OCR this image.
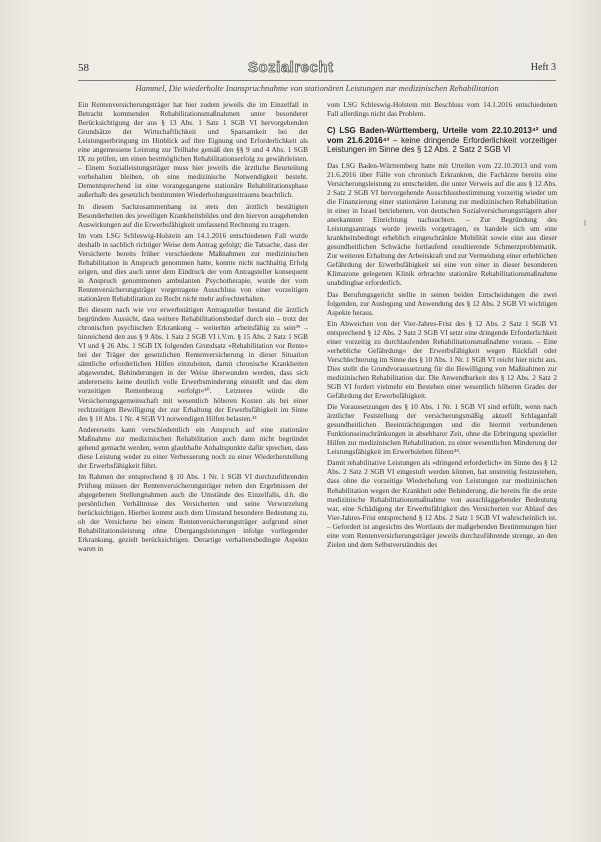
58	Sozialrecht	Heft 3
Hammel, Die wiederholte Inanspruchnahme von stationären Leistungen zur medizinischen Rehabilitation

Ein Rentenversicherungsträger hat hier zudem jeweils die im Einzelfall in Betracht kommenden Rehabilitationsmaßnahmen unter besonderer Berücksichtigung der aus § 13 Abs. 1 Satz 1 SGB VI hervorgehenden Grundsätze der Wirtschaftlichkeit und Sparsamkeit bei der Leistungserbringung im Hinblick auf ihre Eignung und Erforderlichkeit als eine angemessene Leistung zur Teilhabe gemäß den §§ 9 und 4 Abs. 1 SGB IX zu prüfen, um einen bestmöglichen Rehabilitationserfolg zu gewährleisten. – Einem Sozialleistungsträger muss hier jeweils die ärztliche Beurteilung vorbehalten bleiben, ob eine medizinische Notwendigkeit besteht. Dementsprechend ist eine vorangegangene stationäre Rehabilitationsphase außerhalb des gesetzlich bestimmten Wiederholungszeitraums beachtlich.

In diesem Sachzusammenhang ist stets den ärztlich bestätigten Besonderheiten des jeweiligen Krankheitsbildes und den hiervon ausgehenden Auswirkungen auf die Erwerbsfähigkeit umfassend Rechnung zu tragen.

Im vom LSG Schleswig-Holstein am 14.1.2016 entschiedenen Fall wurde deshalb in sachlich richtiger Weise dem Antrag gefolgt; die Tatsache, dass der Versicherte bereits früher verschiedene Maßnahmen zur medizinischen Rehabilitation in Anspruch genommen hatte, konnte nicht nachhaltig Erfolg zeigen, und dies auch unter dem Eindruck der vom Antragsteller konsequent in Anspruch genommenen ambulanten Psychotherapie, wurde der vom Rentenversicherungsträger vorgetragene Ausschluss von einer vorzeitigen stationären Rehabilitation zu Recht nicht mehr aufrechterhalten.

Bei diesem nach wie vor erwerbstätigen Antragsteller bestand die ärztlich begründete Aussicht, dass weitere Rehabilitationsbedarf durch ein – trotz der chronischen psychischen Erkrankung – weiterhin arbeitsfähig zu sein³⁹ – hinreichend den aus § 9 Abs. 1 Satz 2 SGB VI i.V.m. § 15 Abs. 2 Satz 1 SGB VI und § 26 Abs. 1 SGB IX folgenden Grundsatz »Rehabilitation vor Rente« bei der Träger der gesetzlichen Rentenversicherung in dieser Situation sämtliche erforderlichen Hilfen einzuleiten, damit chronische Krankheiten abgewendet, Behinderungen in der Weise überwunden werden, dass sich andererseits keine deutlich volle Erwerbsminderung einstellt und das dem vorzeitigen Rentenbezug »erfolgt«⁴⁰. Letzteres würde die Versicherungsgemeinschaft mit wesentlich höheren Kosten als bei einer rechtzeitigen Bewilligung der zur Erhaltung der Erwerbsfähigkeit im Sinne des § 10 Abs. 1 Nr. 4 SGB VI notwendigen Hilfen belasten.⁴¹

Andererseits kann verschiedentlich ein Anspruch auf eine stationäre Maßnahme zur medizinischen Rehabilitation auch dann nicht begründet gehend gemacht werden, wenn glaubhafte Anhaltspunkte dafür sprechen, dass diese Leistung weder zu einer Verbesserung noch zu einer Wiederherstellung der Erwerbsfähigkeit führt.

Im Rahmen der entsprechend § 10 Abs. 1 Nr. 1 SGB VI durchzuführenden Prüfung müssen der Rentenversicherungsträger neben den Ergebnissen der abgegebenen Stellungnahmen auch die Umstände des Einzelfalls, d.h. die persönlichen Verhältnisse des Versicherten und seine Verwurzelung berücksichtigen. Hierbei kommt auch dem Umstand besondere Bedeutung zu, ob der Versicherte bei einem Rentenversicherungsträger aufgrund einer Rehabilitationsleistung ohne Übergangsleistungen infolge vorliegender Erkrankung, gezielt berücksichtigen. Derartige verhaltensbedingte Aspekte waren in

vom LSG Schleswig-Holstein mit Beschluss vom 14.1.2016 entschiedenen Fall allerdings nicht das Problem.

C) LSG Baden-Württemberg, Urteile vom 22.10.2013⁴² und vom 21.6.2016⁴³ – keine dringende Erforderlichkeit vorzeitiger Leistungen im Sinne des § 12 Abs. 2 Satz 2 SGB VI

Das LSG Baden-Württemberg hatte mit Urteilen vom 22.10.2013 und vom 21.6.2016 über Fälle von chronisch Erkrankten, die Fachärzte bereits eine Versicherungsleistung zu entscheiden, die unter Verweis auf die aus § 12 Abs. 2 Satz 2 SGB VI hervorgehende Ausschlussbestimmung vorzeitig wieder um die Finanzierung einer stationären Leistung zur medizinischen Rehabilitation in einer in Israel betriebenen, von deutschen Sozialversicherungsträgern aber anerkannten Einrichtung nachsuchten. – Zur Begründung des Leistungsantrags wurde jeweils vorgetragen, es handele sich um eine krankheitsbedingt erheblich eingeschränkte Mobilität sowie eine aus dieser gesundheitlichen Schwäche fortlaufend resultierende Schmerzproblematik. Zur weiteren Erhaltung der Arbeitskraft und zur Vermeidung einer erheblichen Gefährdung der Erwerbsfähigkeit sei eine von einer in dieser besonderen Klimazone gelegenen Klinik erbrachte stationäre Rehabilitationsmaßnahme unabdingbar erforderlich.

Das Berufungsgericht stellte in seinen beiden Entscheidungen die zwei folgenden, zur Auslegung und Anwendung des § 12 Abs. 2 SGB VI wichtigen Aspekte heraus.

Ein Abweichen von der Vier-Jahres-Frist des § 12 Abs. 2 Satz 1 SGB VI entsprechend § 12 Abs. 2 Satz 2 SGB VI setzt eine dringende Erforderlichkeit einer vorzeitig zu durchlaufenden Rehabilitationsmaßnahme voraus. – Eine »erhebliche Gefährdung« der Erwerbsfähigkeit wegen Rückfall oder Verschlechterung im Sinne des § 10 Abs. 1 Nr. 1 SGB VI reicht hier nicht aus. Dies stellt die Grundvoraussetzung für die Bewilligung von Maßnahmen zur medizinischen Rehabilitation dar. Die Anwendbarkeit des § 12 Abs. 2 Satz 2 SGB VI fordert vielmehr ein Bestehen einer wesentlich höheren Grades der Gefährdung der Erwerbsfähigkeit.

Die Voraussetzungen des § 10 Abs. 1 Nr. 1 SGB VI sind erfüllt, wenn nach ärztlicher Feststellung der versicherungsmäßig aktuell Schlaganfall gesundheitlichen Beeinträchtigungen und die hiermit verbundenen Funktionseinschränkungen in absehbarer Zeit, ohne die Erbringung spezieller Hilfen zur medizinischen Rehabilitation, zu einer wesentlichen Minderung der Leistungsfähigkeit im Erwerbsleben führen⁴⁴.

Damit rehabilitative Leistungen als »dringend erforderlich« im Sinne des § 12 Abs. 2 Satz 2 SGB VI eingestuft werden können, hat unstreitig festzustehen, dass ohne die vorzeitige Wiederholung von Leistungen zur medizinischen Rehabilitation wegen der Krankheit oder Behinderung, die bereits für die erste medizinische Rehabilitationsmaßnahme von ausschlaggebender Bedeutung war, eine Schädigung der Erwerbsfähigkeit des Versicherten vor Ablauf des Vier-Jahres-Frist entsprechend § 12 Abs. 2 Satz 1 SGB VI wahrscheinlich ist. – Gefordert ist angesichts des Wortlauts der maßgebenden Bestimmungen hier eine vom Rentenversicherungsträger jeweils durchzuführende strenge, an den Zielen und dem Selbstverständnis des
